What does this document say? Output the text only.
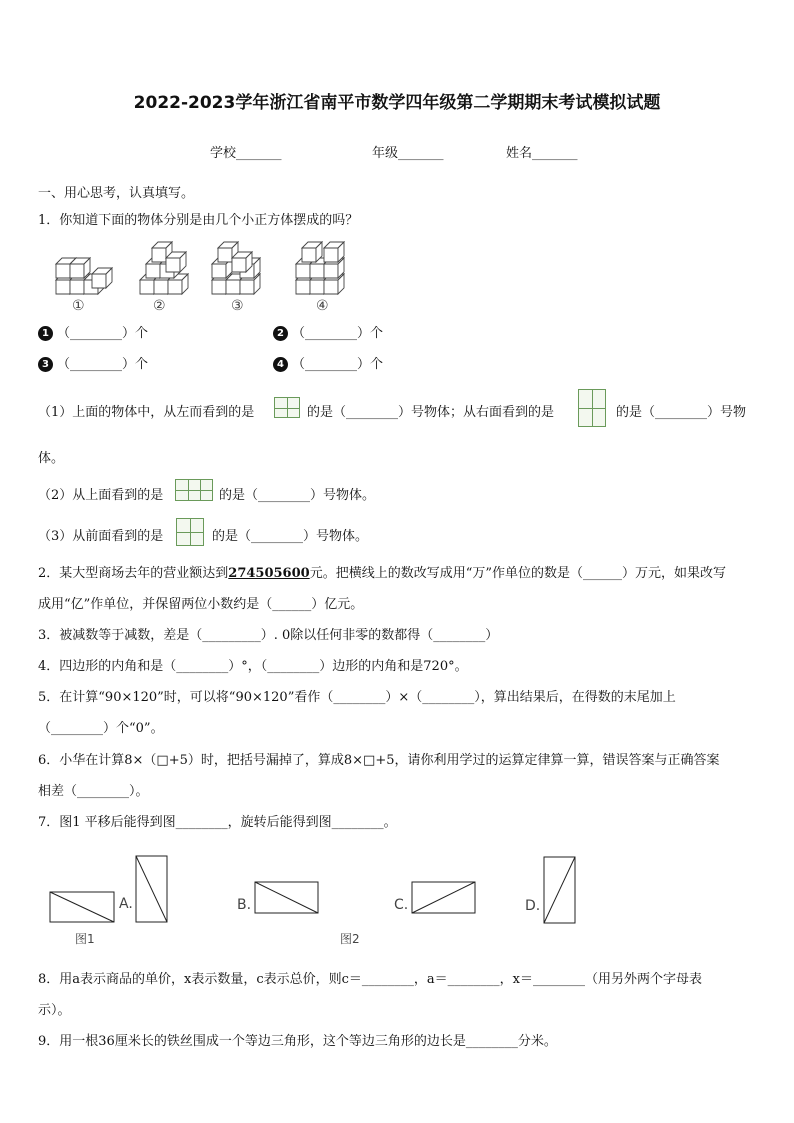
2022-2023学年浙江省南平市数学四年级第二学期期末考试模拟试题
学校_______	年级_______	姓名_______
一、用心思考，认真填写。
1．你知道下面的物体分别是由几个小正方体摆成的吗？
①	②	③	④
1 （________）个	2 （________）个
3 （________）个	4 （________）个
（1）上面的物体中，从左而看到的是	的是（________）号物体；从右面看到的是	的是（________）号物
体。
（2）从上面看到的是	的是（________）号物体。
（3）从前面看到的是	的是（________）号物体。
2．某大型商场去年的营业额达到274505600元。把横线上的数改写成用“万”作单位的数是（______）万元，如果改写
成用“亿”作单位，并保留两位小数约是（______）亿元。
3．被减数等于减数，差是（_________）. 0除以任何非零的数都得（________）
4．四边形的内角和是（________）°，（________）边形的内角和是720°。
5．在计算“90×120”时，可以将“90×120”看作（________）×（________），算出结果后，在得数的末尾加上
（________）个“0”。
6．小华在计算8×（□+5）时，把括号漏掉了，算成8×□+5，请你利用学过的运算定律算一算，错误答案与正确答案
相差（________）。
7．图1 平移后能得到图________，旋转后能得到图________。
A.	B.	C.	D.
图1	图2
8．用a表示商品的单价，x表示数量，c表示总价，则c＝________，a＝________，x＝________（用另外两个字母表
示）。
9．用一根36厘米长的铁丝围成一个等边三角形，这个等边三角形的边长是________分米。
